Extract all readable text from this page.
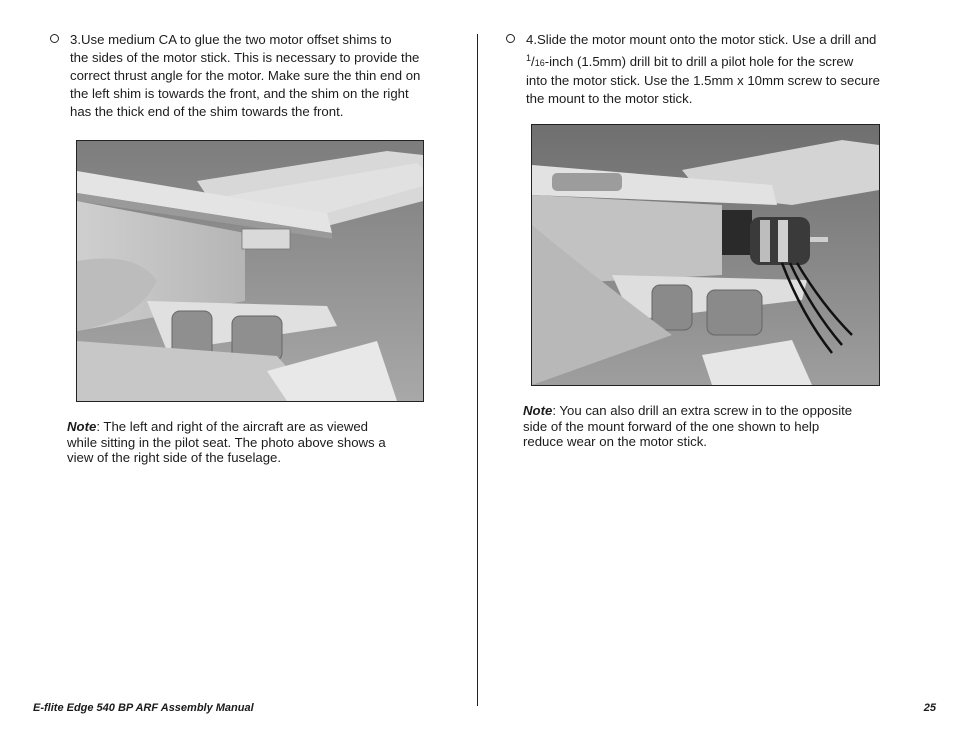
3.Use medium CA to glue the two motor offset shims to
the sides of the motor stick. This is necessary to provide the
correct thrust angle for the motor. Make sure the thin end on
the left shim is towards the front, and the shim on the right
has the thick end of the shim towards the front.
Note: The left and right of the aircraft are as viewed
while sitting in the pilot seat. The photo above shows a
view of the right side of the fuselage.
4.Slide the motor mount onto the motor stick. Use a drill and
$^1$/16-inch (1.5mm) drill bit to drill a pilot hole for the screw
into the motor stick. Use the 1.5mm x 10mm screw to secure
the mount to the motor stick.
Note: You can also drill an extra screw in to the opposite
side of the mount forward of the one shown to help
reduce wear on the motor stick.
E-flite Edge 540 BP ARF Assembly Manual	25
